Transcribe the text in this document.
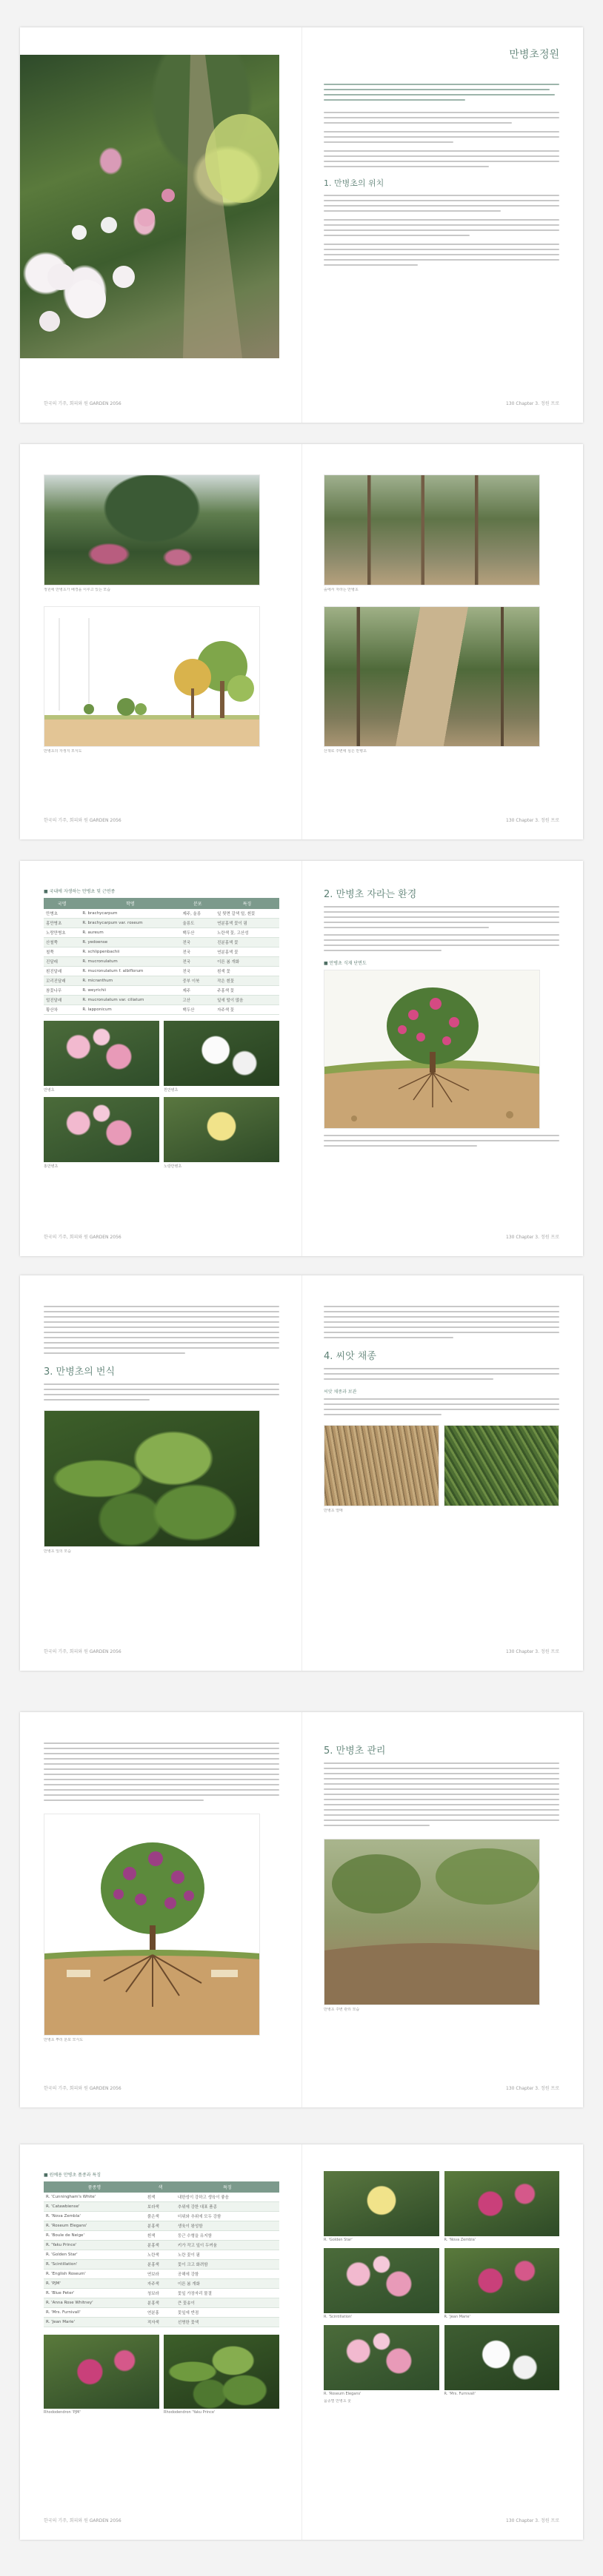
한국의 기주, 회피와 원 GARDEN 2056
만병초정원
1. 만병초의 위치
130 Chapter 3. 정원 프로
정원에 만병초가 배경을 이루고 있는 모습
만병초의 자생지 모식도
한국의 기주, 회피와 원 GARDEN 2056
숲에서 자라는 만병초
산책로 주변에 심은 만병초
130 Chapter 3. 정원 프로
■ 국내에 자생하는 만병초 및 근연종
국명	학명	분포	특징
만병초	R. brachycarpum	제주, 울릉	잎 뒷면 갈색 털, 흰꽃
홍만병초	R. brachycarpum var. roseum	울릉도	연분홍색 꽃이 핌
노랑만병초	R. aureum	백두산	노란색 꽃, 고산성
산철쭉	R. yedoense	전국	진분홍색 꽃
철쭉	R. schlippenbachii	전국	연분홍색 꽃
진달래	R. mucronulatum	전국	이른 봄 개화
흰진달래	R. mucronulatum f. albiflorum	전국	흰색 꽃
꼬리진달래	R. micranthum	중부 이북	작은 흰꽃
참꽃나무	R. weyrichii	제주	주홍색 꽃
털진달래	R. mucronulatum var. ciliatum	고산	잎에 털이 많음
황산차	R. lapponicum	백두산	자주색 꽃
만병초	흰만병초
홍만병초	노랑만병초
한국의 기주, 회피와 원 GARDEN 2056
2. 만병초 자라는 환경
■ 만병초 식재 단면도
130 Chapter 3. 정원 프로
3. 만병초의 번식
만병초 잎의 모습
한국의 기주, 회피와 원 GARDEN 2056
4. 씨앗 채종
씨앗 채종과 보관
만병초 열매
130 Chapter 3. 정원 프로
만병초 뿌리 분포 모식도
한국의 기주, 회피와 원 GARDEN 2056
5. 만병초 관리
만병초 주변 관리 모습
130 Chapter 3. 정원 프로
■ 원예용 만병초 품종과 특징
품종명	색	특징
R. 'Cunningham's White'	흰색	내한성이 강하고 생육이 좋음
R. 'Catawbiense'	보라색	추위에 강한 대표 품종
R. 'Nova Zembla'	붉은색	더위와 추위에 모두 강함
R. 'Roseum Elegans'	분홍색	생육이 왕성함
R. 'Boule de Neige'	흰색	둥근 수형을 유지함
R. 'Yaku Prince'	분홍색	키가 작고 잎이 두꺼움
R. 'Golden Star'	노란색	노란 꽃이 핌
R. 'Scintillation'	분홍색	꽃이 크고 화려함
R. 'English Roseum'	연보라	공해에 강함
R. 'PJM'	자주색	이른 봄 개화
R. 'Blue Peter'	청보라	꽃잎 가장자리 물결
R. 'Anna Rose Whitney'	분홍색	큰 꽃송이
R. 'Mrs. Furnivall'	연분홍	꽃잎에 반점
R. 'Jean Marie'	적자색	선명한 꽃색
Rhododendron 'PJM'	Rhododendron 'Yaku Prince'
한국의 기주, 회피와 원 GARDEN 2056
R. 'Golden Star'	R. 'Nova Zembla'
R. 'Scintillation'	R. 'Jean Marie'
R. 'Roseum Elegans'	R. 'Mrs. Furnivall'
품종별 만병초 꽃
130 Chapter 3. 정원 프로
